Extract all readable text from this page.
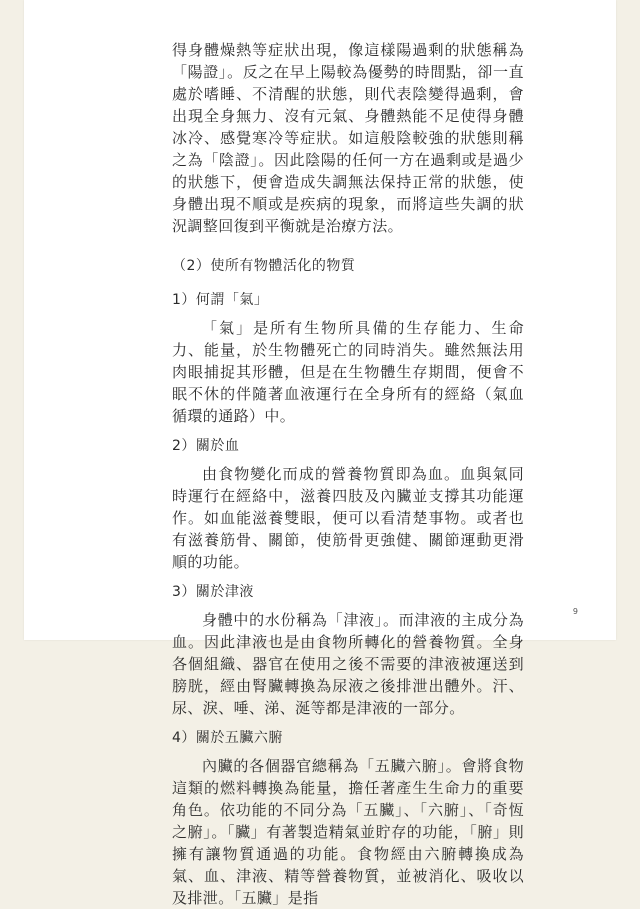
得身體燥熱等症狀出現，像這樣陽過剩的狀態稱為「陽證」。反之在早上陽較為優勢的時間點，卻一直處於嗜睡、不清醒的狀態，則代表陰變得過剩，會出現全身無力、沒有元氣、身體熱能不足使得身體冰冷、感覺寒冷等症狀。如這般陰較強的狀態則稱之為「陰證」。因此陰陽的任何一方在過剩或是過少的狀態下，便會造成失調無法保持正常的狀態，使身體出現不順或是疾病的現象，而將這些失調的狀況調整回復到平衡就是治療方法。

（2）使所有物體活化的物質
1）何謂「氣」

「氣」是所有生物所具備的生存能力、生命力、能量，於生物體死亡的同時消失。雖然無法用肉眼捕捉其形體，但是在生物體生存期間，便會不眠不休的伴隨著血液運行在全身所有的經絡（氣血循環的通路）中。

2）關於血

由食物變化而成的營養物質即為血。血與氣同時運行在經絡中，滋養四肢及內臟並支撐其功能運作。如血能滋養雙眼，便可以看清楚事物。或者也有滋養筋骨、關節，使筋骨更強健、關節運動更滑順的功能。

3）關於津液

身體中的水份稱為「津液」。而津液的主成分為血。因此津液也是由食物所轉化的營養物質。全身各個組織、器官在使用之後不需要的津液被運送到膀胱，經由腎臟轉換為尿液之後排泄出體外。汗、尿、淚、唾、涕、涎等都是津液的一部分。

4）關於五臟六腑

內臟的各個器官總稱為「五臟六腑」。會將食物這類的燃料轉換為能量，擔任著產生生命力的重要角色。依功能的不同分為「五臟」、「六腑」、「奇恆之腑」。「臟」有著製造精氣並貯存的功能，「腑」則擁有讓物質通過的功能。食物經由六腑轉換成為氣、血、津液、精等營養物質，並被消化、吸收以及排泄。「五臟」是指

9
